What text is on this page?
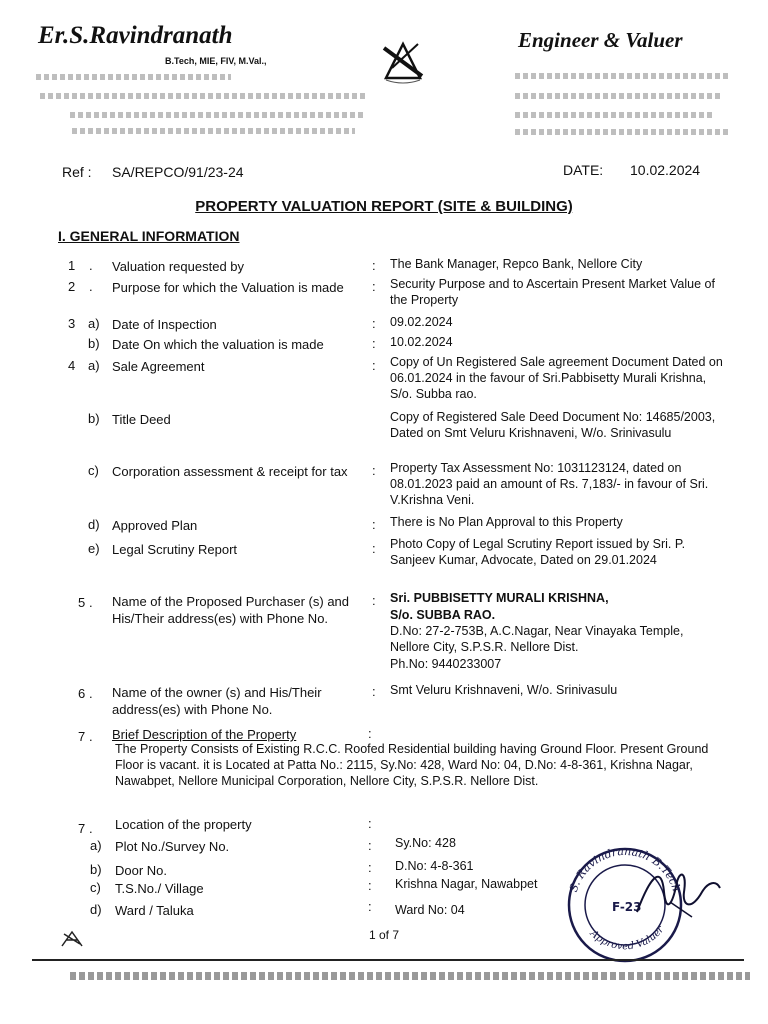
Er.S.Ravindranath
B.Tech, MIE, FIV, M.Val.,
Engineer & Valuer
Ref : SA/REPCO/91/23-24	DATE: 10.02.2024
PROPERTY VALUATION REPORT (SITE & BUILDING)
I. GENERAL INFORMATION
1 . Valuation requested by	: The Bank Manager, Repco Bank, Nellore City
2 . Purpose for which the Valuation is made : Security Purpose and to Ascertain Present Market Value of the Property
3 a) Date of Inspection	: 09.02.2024
b) Date On which the valuation is made	: 10.02.2024
4 a) Sale Agreement	: Copy of Un Registered Sale agreement Document Dated on 06.01.2024 in the favour of Sri.Pabbisetty Murali Krishna, S/o. Subba rao.
b) Title Deed	Copy of Registered Sale Deed Document No: 14685/2003, Dated on Smt Veluru Krishnaveni, W/o. Srinivasulu
c) Corporation assessment & receipt for tax	: Property Tax Assessment No: 1031123124, dated on 08.01.2023 paid an amount of Rs. 7,183/- in favour of Sri. V.Krishna Veni.
d) Approved Plan	: There is No Plan Approval to this Property
e) Legal Scrutiny Report	: Photo Copy of Legal Scrutiny Report issued by Sri. P. Sanjeev Kumar, Advocate, Dated on 29.01.2024
5 . Name of the Proposed Purchaser (s) and His/Their address(es) with Phone No.
: Sri. PUBBISETTY MURALI KRISHNA,
S/o. SUBBA RAO.
D.No: 27-2-753B, A.C.Nagar, Near Vinayaka Temple, Nellore City, S.P.S.R. Nellore Dist.
Ph.No: 9440233007
6 . Name of the owner (s) and His/Their address(es) with Phone No.
: Smt Veluru Krishnaveni, W/o. Srinivasulu
7 . Brief Description of the Property	:
The Property Consists of Existing R.C.C. Roofed Residential building having Ground Floor. Present Ground Floor is vacant. it is Located at Patta No.: 2115, Sy.No: 428, Ward No: 04, D.No: 4-8-361, Krishna Nagar, Nawabpet, Nellore Municipal Corporation, Nellore City, S.P.S.R. Nellore Dist.
7 . Location of the property	:
a) Plot No./Survey No.	: Sy.No: 428
b) Door No.	: D.No: 4-8-361
c) T.S.No./ Village	: Krishna Nagar, Nawabpet
d) Ward / Taluka	: Ward No: 04
S. Ravindranath B.Tech
F-23
Approved Valuer
1 of 7
